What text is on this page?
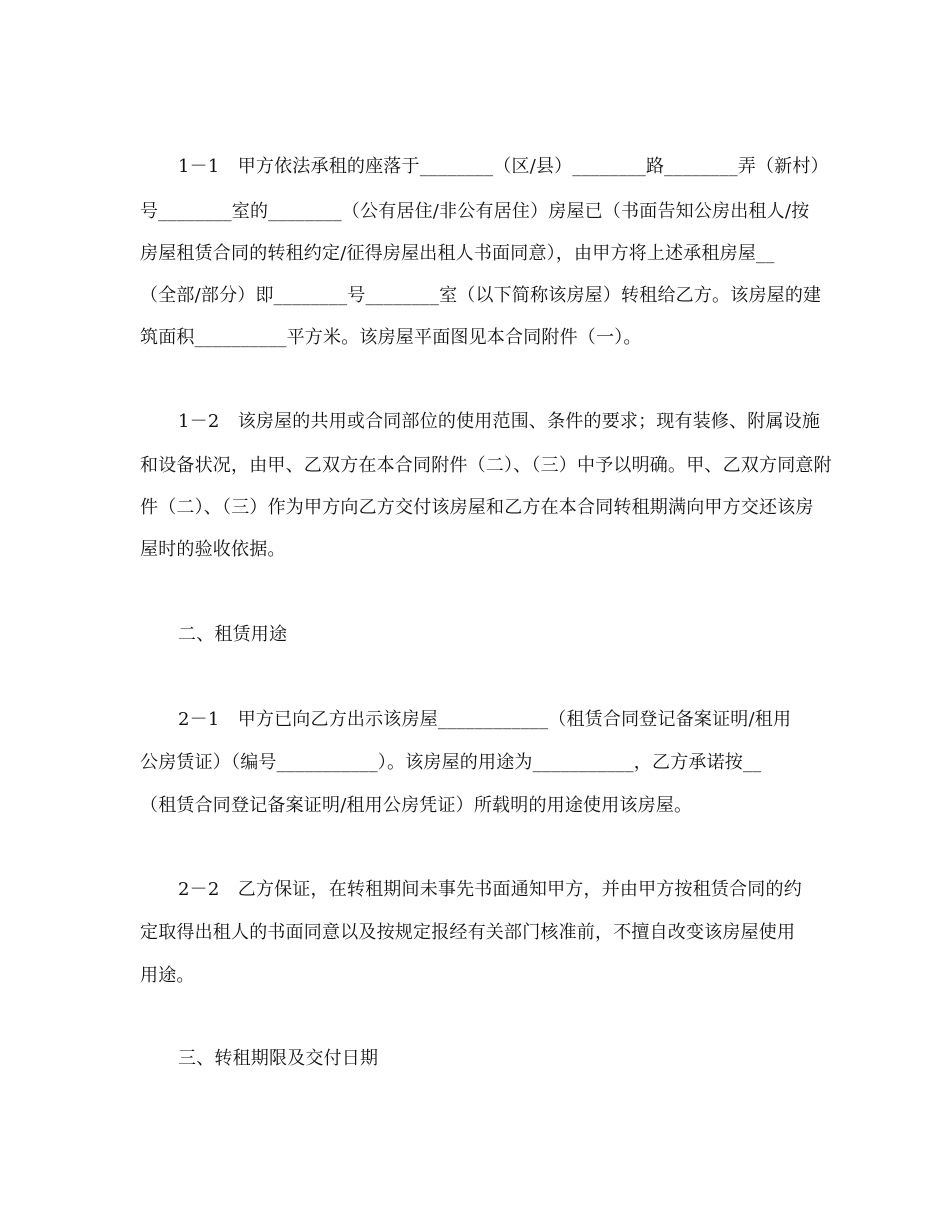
1－1　甲方依法承租的座落于________（区/县）________路________弄（新村）
号________室的________（公有居住/非公有居住）房屋已（书面告知公房出租人/按
房屋租赁合同的转租约定/征得房屋出租人书面同意），由甲方将上述承租房屋__
（全部/部分）即________号________室（以下简称该房屋）转租给乙方。该房屋的建
筑面积__________平方米。该房屋平面图见本合同附件（一）。
1－2　该房屋的共用或合同部位的使用范围、条件的要求；现有装修、附属设施
和设备状况，由甲、乙双方在本合同附件（二）、（三）中予以明确。甲、乙双方同意附
件（二）、（三）作为甲方向乙方交付该房屋和乙方在本合同转租期满向甲方交还该房
屋时的验收依据。
二、租赁用途
2－1　甲方已向乙方出示该房屋____________（租赁合同登记备案证明/租用
公房赁证）（编号___________）。该房屋的用途为___________，乙方承诺按__
（租赁合同登记备案证明/租用公房凭证）所载明的用途使用该房屋。
2－2　乙方保证，在转租期间未事先书面通知甲方，并由甲方按租赁合同的约
定取得出租人的书面同意以及按规定报经有关部门核准前，不擅自改变该房屋使用
用途。
三、转租期限及交付日期
